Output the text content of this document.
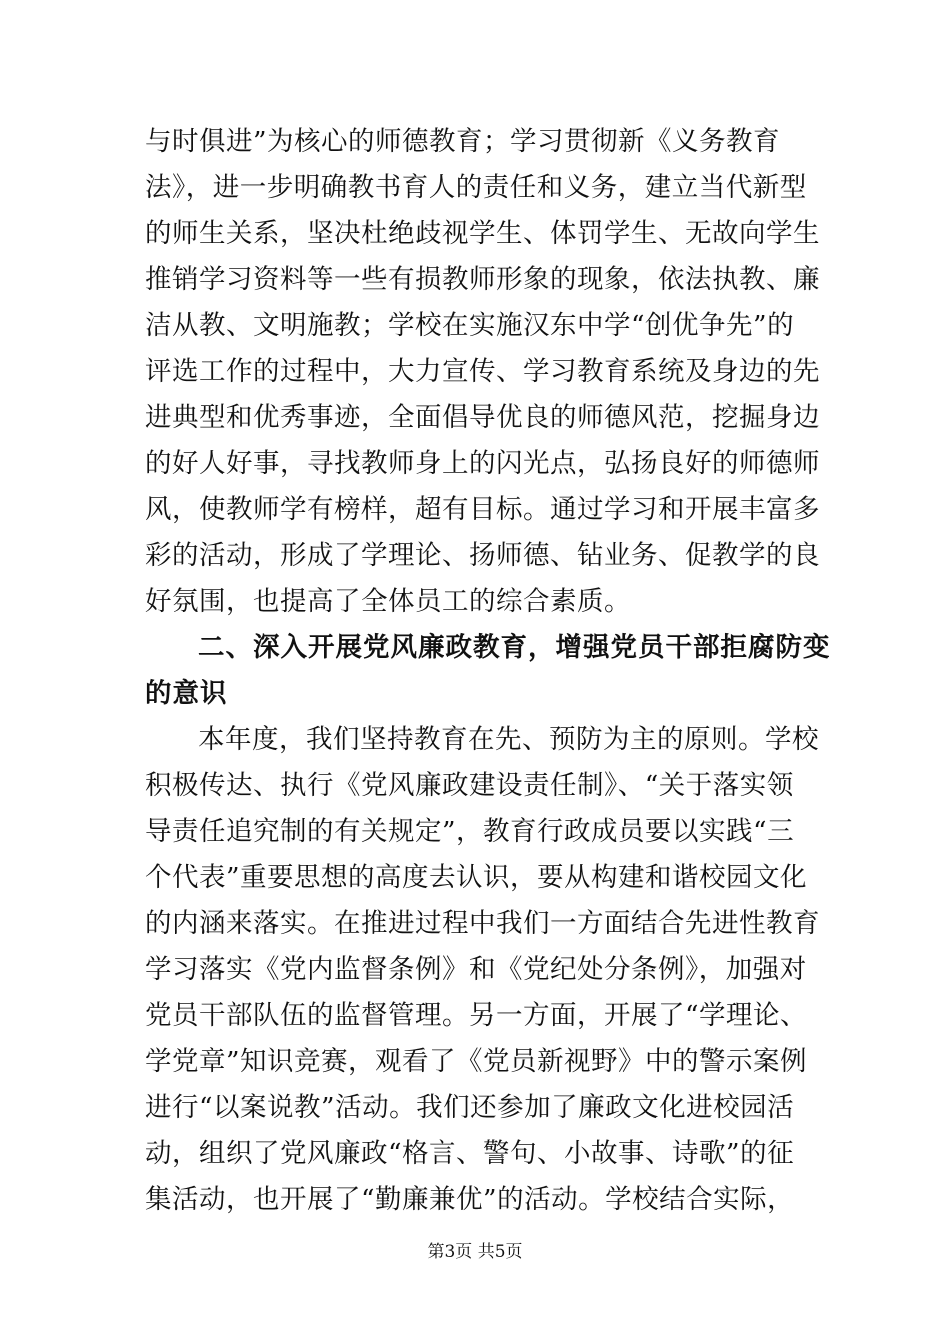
与时俱进”为核心的师德教育；学习贯彻新《义务教育
法》，进一步明确教书育人的责任和义务，建立当代新型
的师生关系，坚决杜绝歧视学生、体罚学生、无故向学生
推销学习资料等一些有损教师形象的现象，依法执教、廉
洁从教、文明施教；学校在实施汉东中学“创优争先”的
评选工作的过程中，大力宣传、学习教育系统及身边的先
进典型和优秀事迹，全面倡导优良的师德风范，挖掘身边
的好人好事，寻找教师身上的闪光点，弘扬良好的师德师
风，使教师学有榜样，超有目标。通过学习和开展丰富多
彩的活动，形成了学理论、扬师德、钻业务、促教学的良
好氛围，也提高了全体员工的综合素质。
二、深入开展党风廉政教育，增强党员干部拒腐防变
的意识
本年度，我们坚持教育在先、预防为主的原则。学校
积极传达、执行《党风廉政建设责任制》、“关于落实领
导责任追究制的有关规定”，教育行政成员要以实践“三
个代表”重要思想的高度去认识，要从构建和谐校园文化
的内涵来落实。在推进过程中我们一方面结合先进性教育
学习落实《党内监督条例》和《党纪处分条例》，加强对
党员干部队伍的监督管理。另一方面，开展了“学理论、
学党章”知识竞赛，观看了《党员新视野》中的警示案例
进行“以案说教”活动。我们还参加了廉政文化进校园活
动，组织了党风廉政“格言、警句、小故事、诗歌”的征
集活动，也开展了“勤廉兼优”的活动。学校结合实际，
第3页 共5页
